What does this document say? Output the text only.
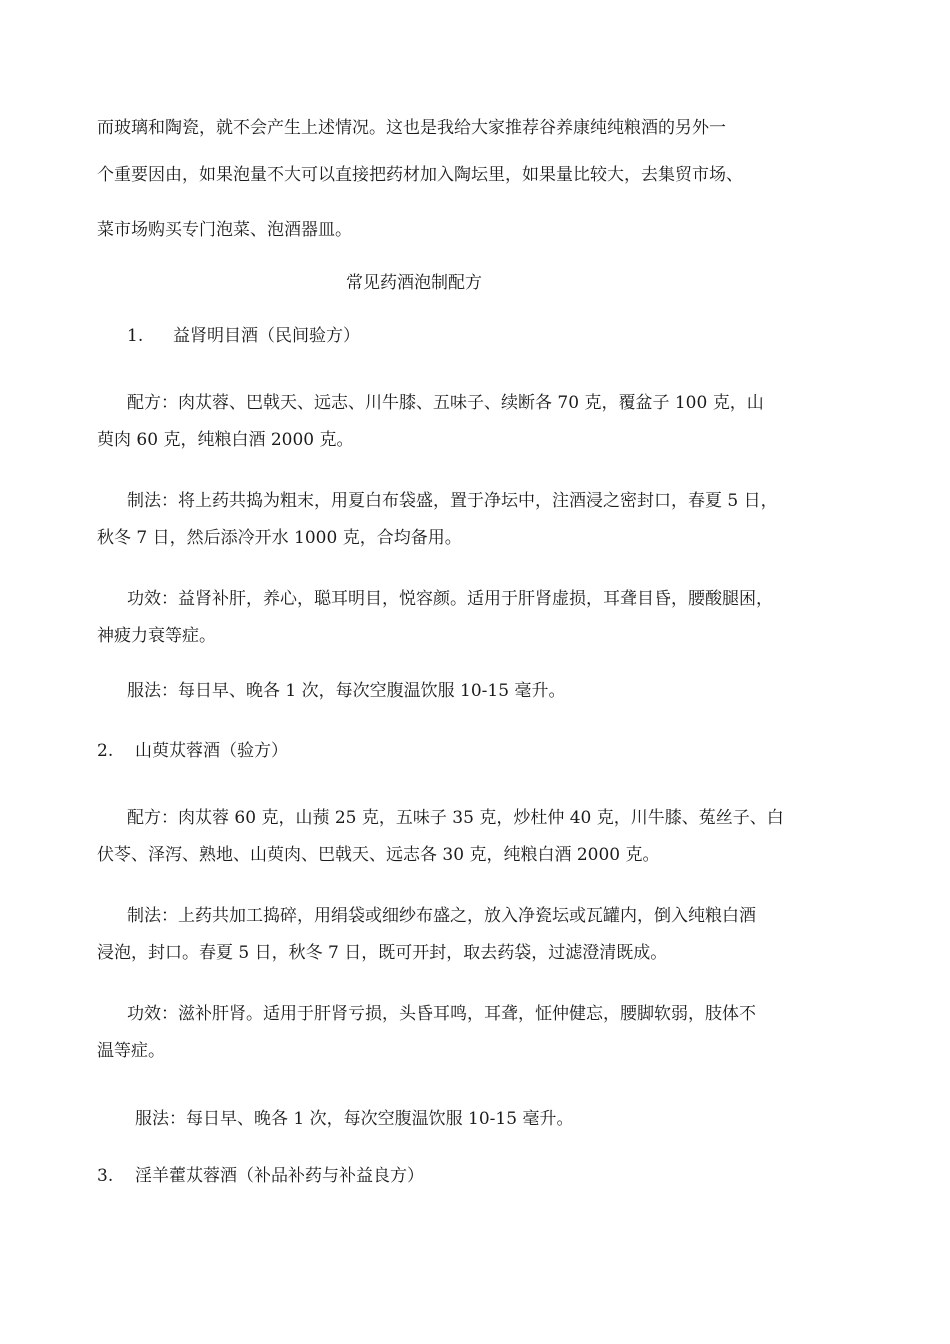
而玻璃和陶瓷，就不会产生上述情况。这也是我给大家推荐谷养康纯纯粮酒的另外一
个重要因由，如果泡量不大可以直接把药材加入陶坛里，如果量比较大，去集贸市场、
菜市场购买专门泡菜、泡酒器皿。
常见药酒泡制配方
1. 益肾明目酒（民间验方）
配方：肉苁蓉、巴戟天、远志、川牛膝、五味子、续断各 70 克，覆盆子 100 克，山
萸肉 60 克，纯粮白酒 2000 克。
制法：将上药共捣为粗末，用夏白布袋盛，置于净坛中，注酒浸之密封口，春夏 5 日，
秋冬 7 日，然后添冷开水 1000 克，合均备用。
功效：益肾补肝，养心，聪耳明目，悦容颜。适用于肝肾虚损，耳聋目昏，腰酸腿困，
神疲力衰等症。
服法：每日早、晚各 1 次，每次空腹温饮服 10-15 毫升。
2. 山萸苁蓉酒（验方）
配方：肉苁蓉 60 克，山蓣 25 克，五味子 35 克，炒杜仲 40 克，川牛膝、菟丝子、白
伏苓、泽泻、熟地、山萸肉、巴戟天、远志各 30 克，纯粮白酒 2000 克。
制法：上药共加工捣碎，用绢袋或细纱布盛之，放入净瓷坛或瓦罐内，倒入纯粮白酒
浸泡，封口。春夏 5 日，秋冬 7 日，既可开封，取去药袋，过滤澄清既成。
功效：滋补肝肾。适用于肝肾亏损，头昏耳鸣，耳聋，怔仲健忘，腰脚软弱，肢体不
温等症。
服法：每日早、晚各 1 次，每次空腹温饮服 10-15 毫升。
3. 淫羊藿苁蓉酒（补品补药与补益良方）
